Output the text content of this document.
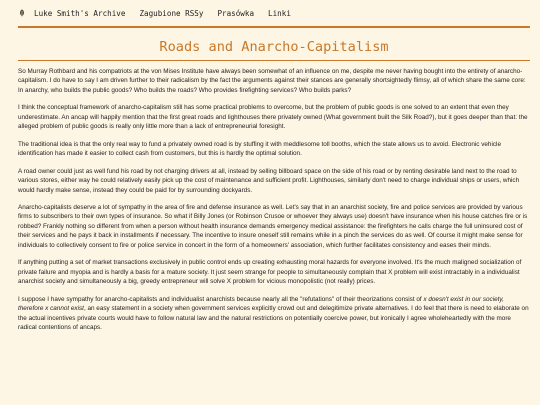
Luke Smith's Archive Zagubione RSSy Prasówka Linki
Roads and Anarcho-Capitalism

So Murray Rothbard and his compatriots at the von Mises Institute have always been somewhat of an influence on me, despite me never having bought into the entirety of anarcho-capitalism. I do have to say I am driven further to their radicalism by the fact the arguments against their stances are generally shortsightedly flimsy, all of which share the same core: In anarchy, who builds the public goods? Who builds the roads? Who provides firefighting services? Who builds parks?

I think the conceptual framework of anarcho-capitalism still has some practical problems to overcome, but the problem of public goods is one solved to an extent that even they underestimate. An ancap will happily mention that the first great roads and lighthouses there privately owned (What government built the Silk Road?), but it goes deeper than that: the alleged problem of public goods is really only little more than a lack of entrepreneurial foresight.

The traditional idea is that the only real way to fund a privately owned road is by stuffing it with meddlesome toll booths, which the state allows us to avoid. Electronic vehicle identification has made it easier to collect cash from customers, but this is hardly the optimal solution.

A road owner could just as well fund his road by not charging drivers at all, instead by selling billboard space on the side of his road or by renting desirable land next to the road to various stores, either way he could relatively easily pick up the cost of maintenance and sufficient profit. Lighthouses, similarly don't need to charge individual ships or users, which would hardly make sense, instead they could be paid for by surrounding dockyards.

Anarcho-capitalists deserve a lot of sympathy in the area of fire and defense insurance as well. Let's say that in an anarchist society, fire and police services are provided by various firms to subscribers to their own types of insurance. So what if Billy Jones (or Robinson Crusoe or whoever they always use) doesn't have insurance when his house catches fire or is robbed? Frankly nothing so different from when a person without health insurance demands emergency medical assistance: the firefighters he calls charge the full uninsured cost of their services and he pays it back in installments if necessary. The incentive to insure oneself still remains while in a pinch the services do as well. Of course it might make sense for individuals to collectively consent to fire or police service in concert in the form of a homeowners' association, which further facilitates consistency and eases their minds.

If anything putting a set of market transactions exclusively in public control ends up creating exhausting moral hazards for everyone involved. It's the much maligned socialization of private failure and myopia and is hardly a basis for a mature society. It just seem strange for people to simultaneously complain that X problem will exist intractably in a individualist anarchist society and simultaneously a big, greedy entrepreneur will solve X problem for vicious monopolistic (not really) prices.

I suppose I have sympathy for anarcho-capitalists and individualist anarchists because nearly all the "refutations" of their theorizations consist of x doesn't exist in our society, therefore x cannot exist, an easy statement in a society when government services explicitly crowd out and delegitimize private alternatives. I do feel that there is need to elaborate on the actual incentives private courts would have to follow natural law and the natural restrictions on potentially coercive power, but ironically I agree wholeheartedly with the more radical contentions of ancaps.
